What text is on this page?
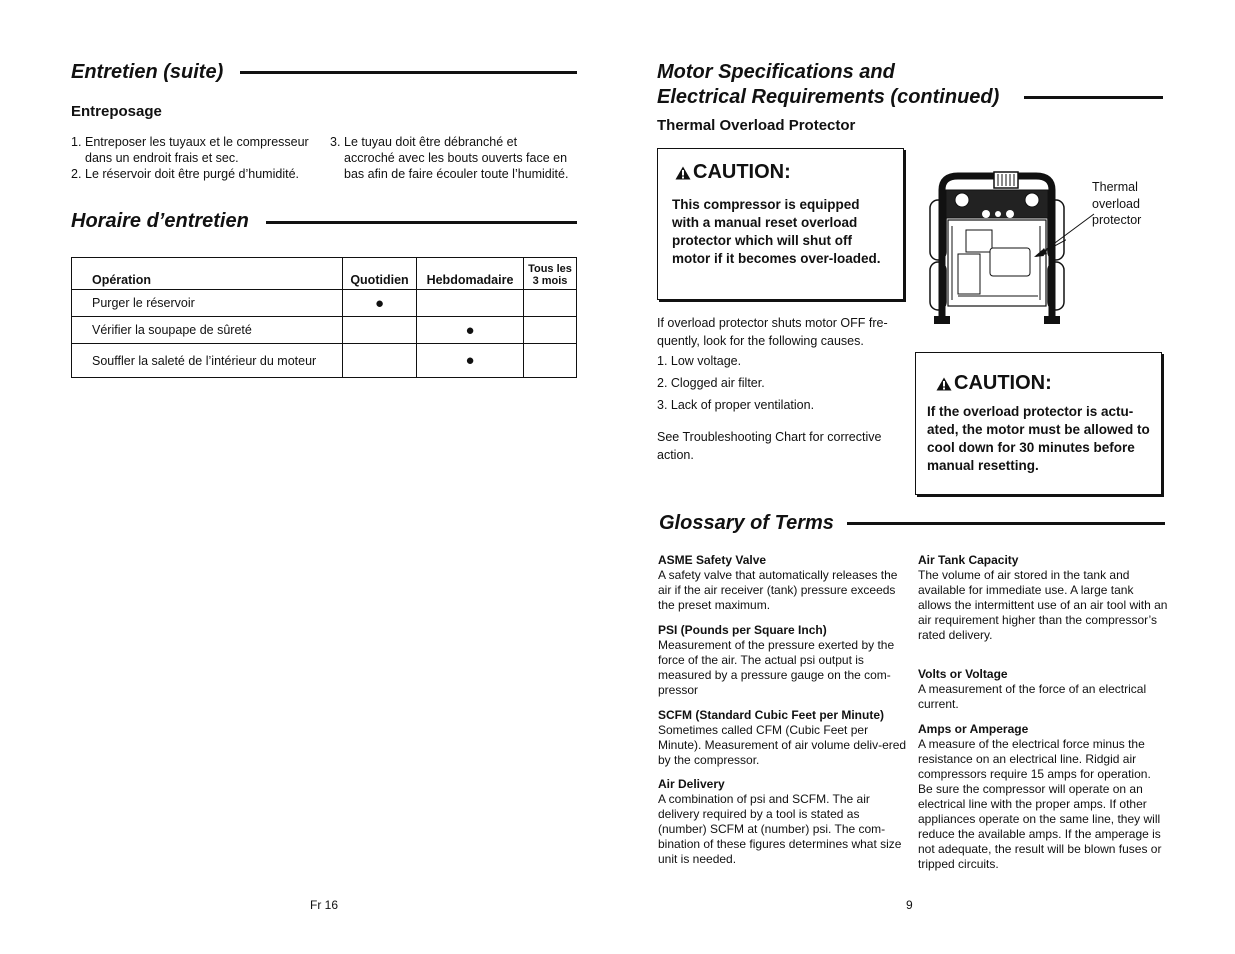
Entretien (suite)
Entreposage
1. Entreposer les tuyaux et le compresseur dans un endroit frais et sec.
2. Le réservoir doit être purgé d’humidité.
3. Le tuyau doit être débranché et accroché avec les bouts ouverts face en bas afin de faire écouler toute l’humidité.
Horaire d’entretien
Opération	Quotidien	Hebdomadaire	Tous les
3 mois
Purger le réservoir	●		
Vérifier la soupape de sûreté		●	
Souffler la saleté de l’intérieur du moteur		●	
Fr 16
Motor Specifications and
Electrical Requirements (continued)
Thermal Overload Protector
CAUTION:
This compressor is equipped with a manual reset overload protector which will shut off motor if it becomes over-loaded.
Thermal
overload
protector
If overload protector shuts motor OFF fre-quently, look for the following causes.
1. Low voltage.
2. Clogged air filter.
3. Lack of proper ventilation.
See Troubleshooting Chart for corrective action.
CAUTION:
If the overload protector is actu-ated, the motor must be allowed to cool down for 30 minutes before manual resetting.
Glossary of Terms
ASME Safety Valve
A safety valve that automatically releases the air if the air receiver (tank) pressure exceeds the preset maximum.
PSI (Pounds per Square Inch)
Measurement of the pressure exerted by the force of the air. The actual psi output is measured by a pressure gauge on the com-pressor
SCFM (Standard Cubic Feet per Minute)
Sometimes called CFM (Cubic Feet per Minute). Measurement of air volume deliv-ered by the compressor.
Air Delivery
A combination of psi and SCFM. The air delivery required by a tool is stated as (number) SCFM at (number) psi. The com-bination of these figures determines what size unit is needed.
Air Tank Capacity
The volume of air stored in the tank and available for immediate use. A large tank allows the intermittent use of an air tool with an air requirement higher than the compressor’s rated delivery.
Volts or Voltage
A measurement of the force of an electrical current.
Amps or Amperage
A measure of the electrical force minus the resistance on an electrical line. Ridgid air compressors require 15 amps for operation. Be sure the compressor will operate on an electrical line with the proper amps. If other appliances operate on the same line, they will reduce the available amps. If the amperage is not adequate, the result will be blown fuses or tripped circuits.
9
